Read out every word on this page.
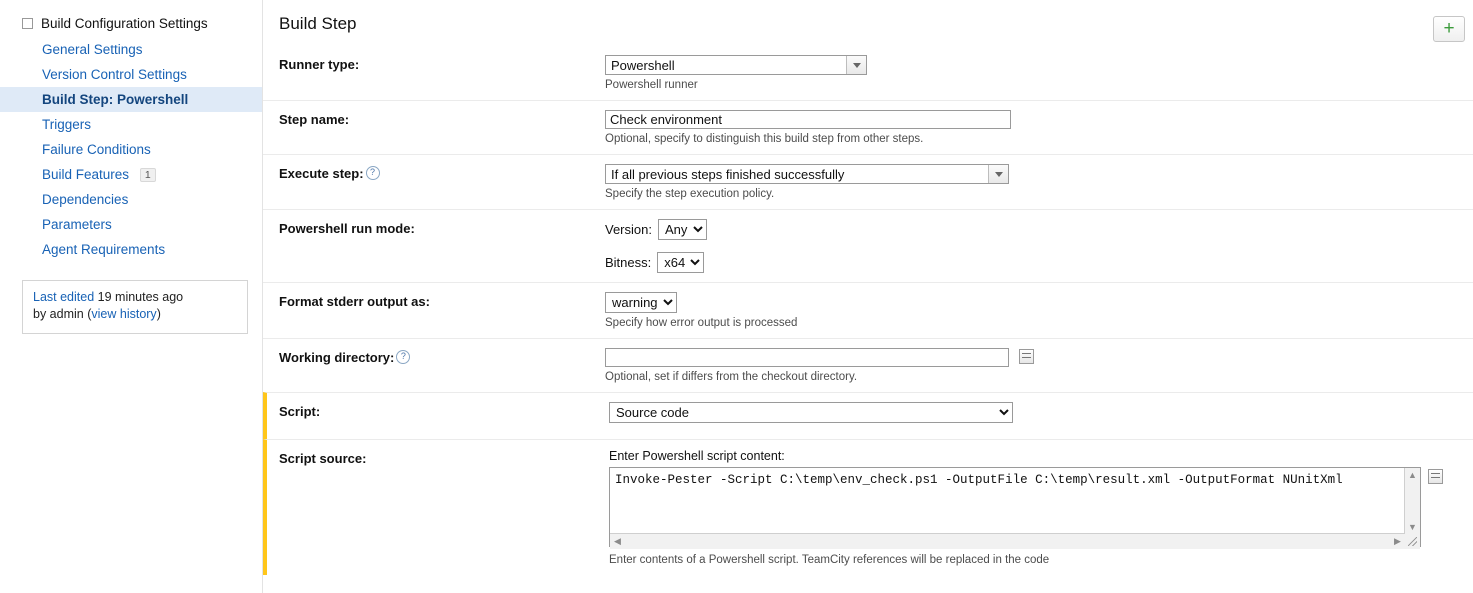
Build Configuration Settings
General Settings
Version Control Settings
Build Step: Powershell
Triggers
Failure Conditions
Build Features 1
Dependencies
Parameters
Agent Requirements
Last edited 19 minutes ago
by admin (view history)
Build Step	+
Runner type:	Powershell
Powershell runner
Step name:
Check environment
Optional, specify to distinguish this build step from other steps.
Execute step: ?	If all previous steps finished successfully
Specify the step execution policy.
Powershell run mode:	Version:
Any
Bitness:
x64
Format stderr output as:
warning
Specify how error output is processed
Working directory: ?

Optional, set if differs from the checkout directory.
Script:
Source code
Script source:	Enter Powershell script content:
Invoke-Pester -Script C:\temp\env_check.ps1 -OutputFile C:\temp\result.xml -OutputFormat NUnitXml
▲
▼
◀	▶
Enter contents of a Powershell script. TeamCity references will be replaced in the code
